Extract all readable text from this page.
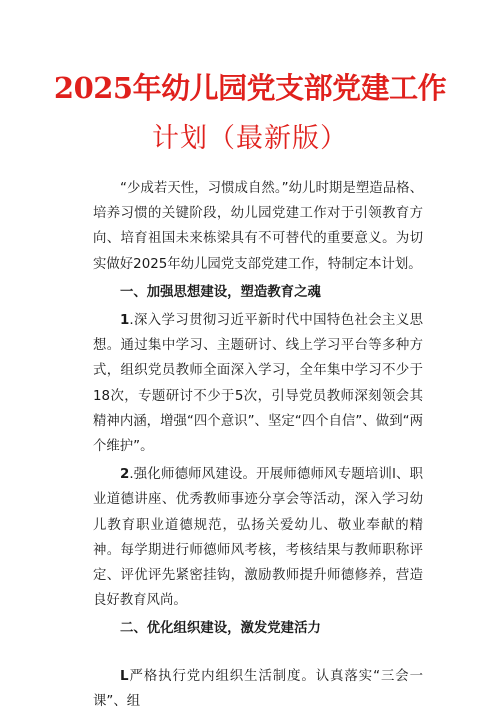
2025年幼儿园党支部党建工作
计划（最新版）

“少成若天性，习惯成自然。”幼儿时期是塑造品格、培养习惯的关键阶段，幼儿园党建工作对于引领教育方向、培育祖国未来栋梁具有不可替代的重要意义。为切实做好2025年幼儿园党支部党建工作，特制定本计划。

一、加强思想建设，塑造教育之魂

1.深入学习贯彻习近平新时代中国特色社会主义思想。通过集中学习、主题研讨、线上学习平台等多种方式，组织党员教师全面深入学习，全年集中学习不少于18次，专题研讨不少于5次，引导党员教师深刻领会其精神内涵，增强“四个意识”、坚定“四个自信”、做到“两个维护”。

2.强化师德师风建设。开展师德师风专题培训l、职业道德讲座、优秀教师事迹分享会等活动，深入学习幼儿教育职业道德规范，弘扬关爱幼儿、敬业奉献的精神。每学期进行师德师风考核，考核结果与教师职称评定、评优评先紧密挂钩，激励教师提升师德修养，营造良好教育风尚。

二、优化组织建设，激发党建活力

L严格执行党内组织生活制度。认真落实“三会一课”、组
